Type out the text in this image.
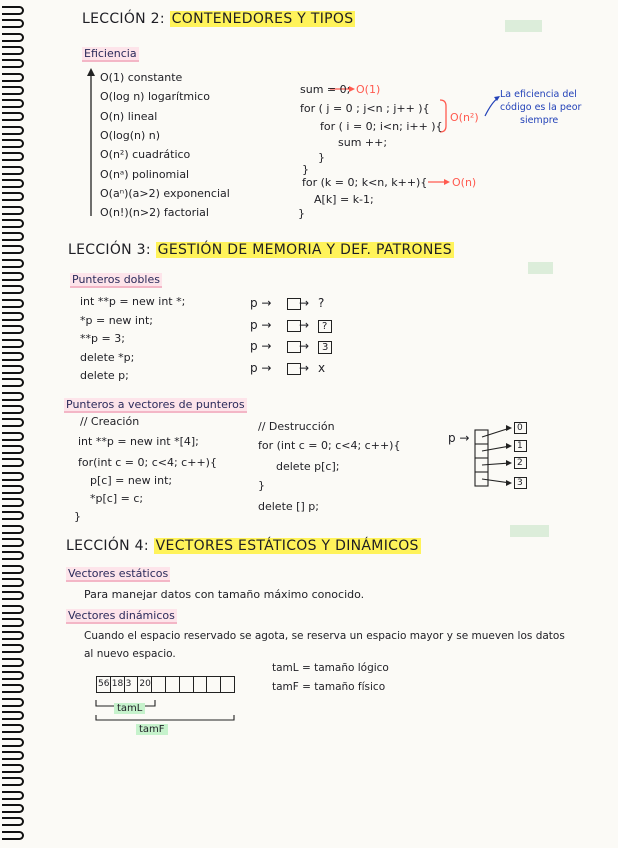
LECCIÓN 2: CONTENEDORES Y TIPOS
Eficiencia
O(1) constante
O(log n) logarítmico
O(n) lineal
O(log(n) n)
O(n²) cuadrático
O(nᵃ) polinomial
O(aⁿ)(a>2) exponencial
O(n!)(n>2) factorial
sum = 0;
for ( j = 0 ; j<n ; j++ ){
for ( i = 0; i<n; i++ ){
sum ++;
}
}
for (k = 0; k<n, k++){
A[k] = k-1;
}
O(1)
O(n²)
O(n)
La eficiencia del
código es la peor
siempre
LECCIÓN 3: GESTIÓN DE MEMORIA Y DEF. PATRONES
Punteros dobles
int **p = new int *;
*p = new int;
**p = 3;
delete *p;
delete p;
p → → ?
p → → ?
p → → 3
p → → x
Punteros a vectores de punteros
// Creación
int **p = new int *[4];
for(int c = 0; c<4; c++){
p[c] = new int;
*p[c] = c;
}
// Destrucción
for (int c = 0; c<4; c++){
delete p[c];
}
delete [] p;
p →
0
1
2
3
LECCIÓN 4: VECTORES ESTÁTICOS Y DINÁMICOS
Vectores estáticos
Para manejar datos con tamaño máximo conocido.
Vectores dinámicos
Cuando el espacio reservado se agota, se reserva un espacio mayor y se mueven los datos
al nuevo espacio.
56 18 3 20
tamL
tamF
tamL = tamaño lógico
tamF = tamaño físico
